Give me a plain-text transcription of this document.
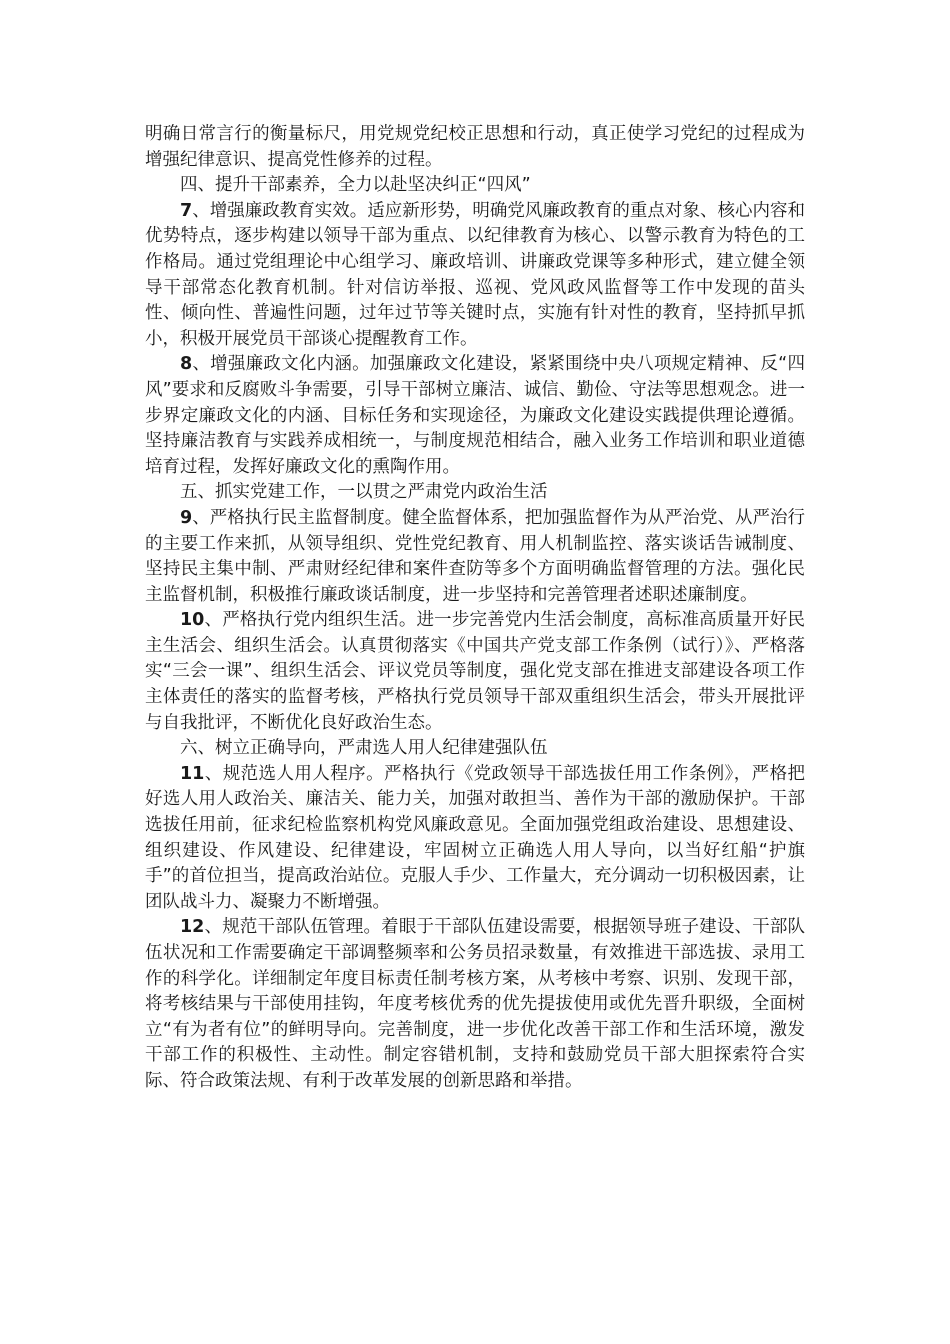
明确日常言行的衡量标尺，用党规党纪校正思想和行动，真正使学习党纪的过程成为增强纪律意识、提高党性修养的过程。

四、提升干部素养，全力以赴坚决纠正“四风”

7、增强廉政教育实效。适应新形势，明确党风廉政教育的重点对象、核心内容和优势特点，逐步构建以领导干部为重点、以纪律教育为核心、以警示教育为特色的工作格局。通过党组理论中心组学习、廉政培训、讲廉政党课等多种形式，建立健全领导干部常态化教育机制。针对信访举报、巡视、党风政风监督等工作中发现的苗头性、倾向性、普遍性问题，过年过节等关键时点，实施有针对性的教育，坚持抓早抓小，积极开展党员干部谈心提醒教育工作。

8、增强廉政文化内涵。加强廉政文化建设，紧紧围绕中央八项规定精神、反“四风”要求和反腐败斗争需要，引导干部树立廉洁、诚信、勤俭、守法等思想观念。进一步界定廉政文化的内涵、目标任务和实现途径，为廉政文化建设实践提供理论遵循。坚持廉洁教育与实践养成相统一，与制度规范相结合，融入业务工作培训和职业道德培育过程，发挥好廉政文化的熏陶作用。

五、抓实党建工作，一以贯之严肃党内政治生活

9、严格执行民主监督制度。健全监督体系，把加强监督作为从严治党、从严治行的主要工作来抓，从领导组织、党性党纪教育、用人机制监控、落实谈话告诫制度、坚持民主集中制、严肃财经纪律和案件查防等多个方面明确监督管理的方法。强化民主监督机制，积极推行廉政谈话制度，进一步坚持和完善管理者述职述廉制度。

10、严格执行党内组织生活。进一步完善党内生活会制度，高标准高质量开好民主生活会、组织生活会。认真贯彻落实《中国共产党支部工作条例（试行）》、严格落实“三会一课”、组织生活会、评议党员等制度，强化党支部在推进支部建设各项工作主体责任的落实的监督考核，严格执行党员领导干部双重组织生活会，带头开展批评与自我批评，不断优化良好政治生态。

六、树立正确导向，严肃选人用人纪律建强队伍

11、规范选人用人程序。严格执行《党政领导干部选拔任用工作条例》，严格把好选人用人政治关、廉洁关、能力关，加强对敢担当、善作为干部的激励保护。干部选拔任用前，征求纪检监察机构党风廉政意见。全面加强党组政治建设、思想建设、组织建设、作风建设、纪律建设，牢固树立正确选人用人导向，以当好红船“护旗手”的首位担当，提高政治站位。克服人手少、工作量大，充分调动一切积极因素，让团队战斗力、凝聚力不断增强。

12、规范干部队伍管理。着眼于干部队伍建设需要，根据领导班子建设、干部队伍状况和工作需要确定干部调整频率和公务员招录数量，有效推进干部选拔、录用工作的科学化。详细制定年度目标责任制考核方案，从考核中考察、识别、发现干部，将考核结果与干部使用挂钩，年度考核优秀的优先提拔使用或优先晋升职级，全面树立“有为者有位”的鲜明导向。完善制度，进一步优化改善干部工作和生活环境，激发干部工作的积极性、主动性。制定容错机制，支持和鼓励党员干部大胆探索符合实际、符合政策法规、有利于改革发展的创新思路和举措。
